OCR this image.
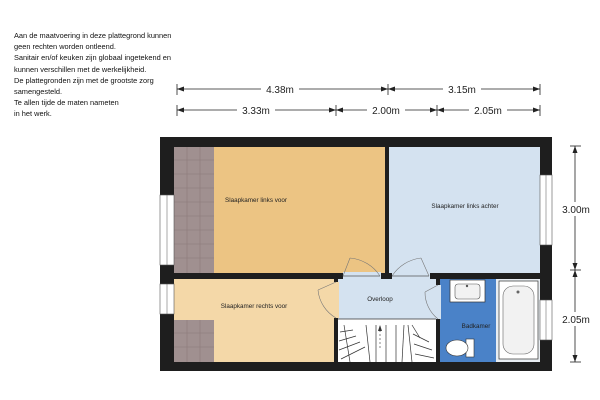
Aan de maatvoering in deze plattegrond kunnen
geen rechten worden ontleend.
Sanitair en/of keuken zijn globaal ingetekend en
kunnen verschillen met de werkelijkheid.
De plattegronden zijn met de grootste zorg
samengesteld.
Te allen tijde de maten nameten
in het werk.
4.38m	3.15m
3.33m	2.00m	2.05m
3.00m
2.05m
Slaapkamer links voor
Slaapkamer links achter
Slaapkamer rechts voor
Overloop
Badkamer
